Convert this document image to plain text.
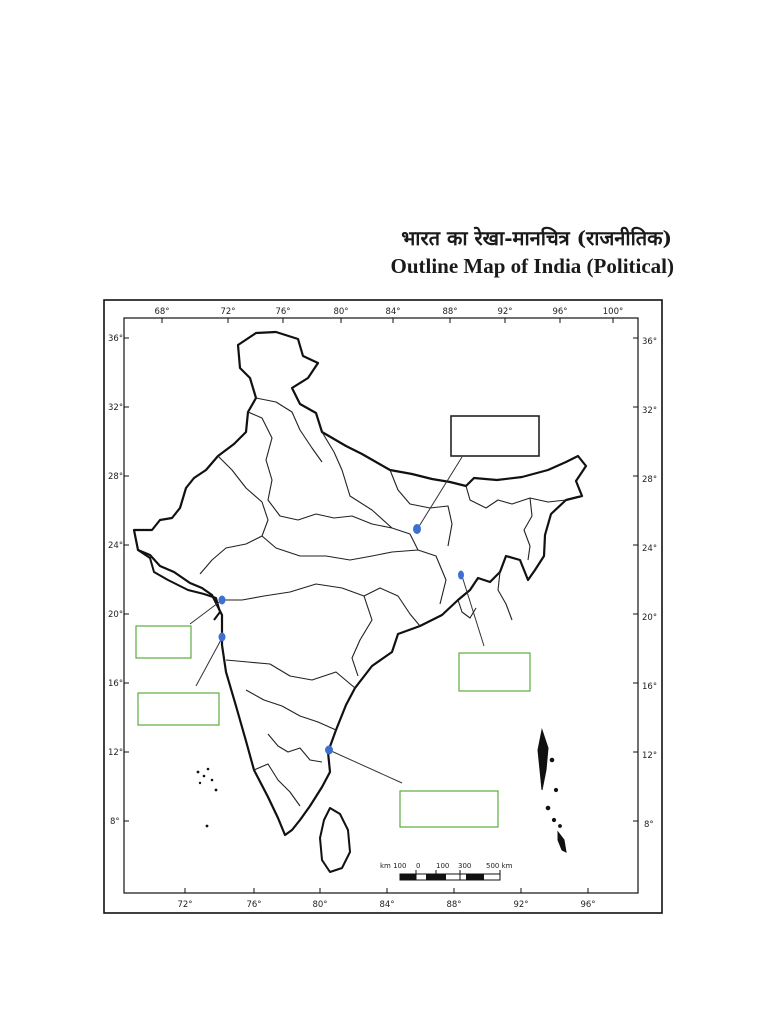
भारत का रेखा-मानचित्र (राजनीतिक)
Outline Map of India (Political)
68°	72°	76°	80°	84°	88°	92°	96°	100°
72°	76°	80°	84°	88°	92°	96°
36°
32°
28°
24°
20°
16°
12°
8°
36°
32°
28°
24°
20°
16°
12°
8°
km 100 0 100 300 500 km
